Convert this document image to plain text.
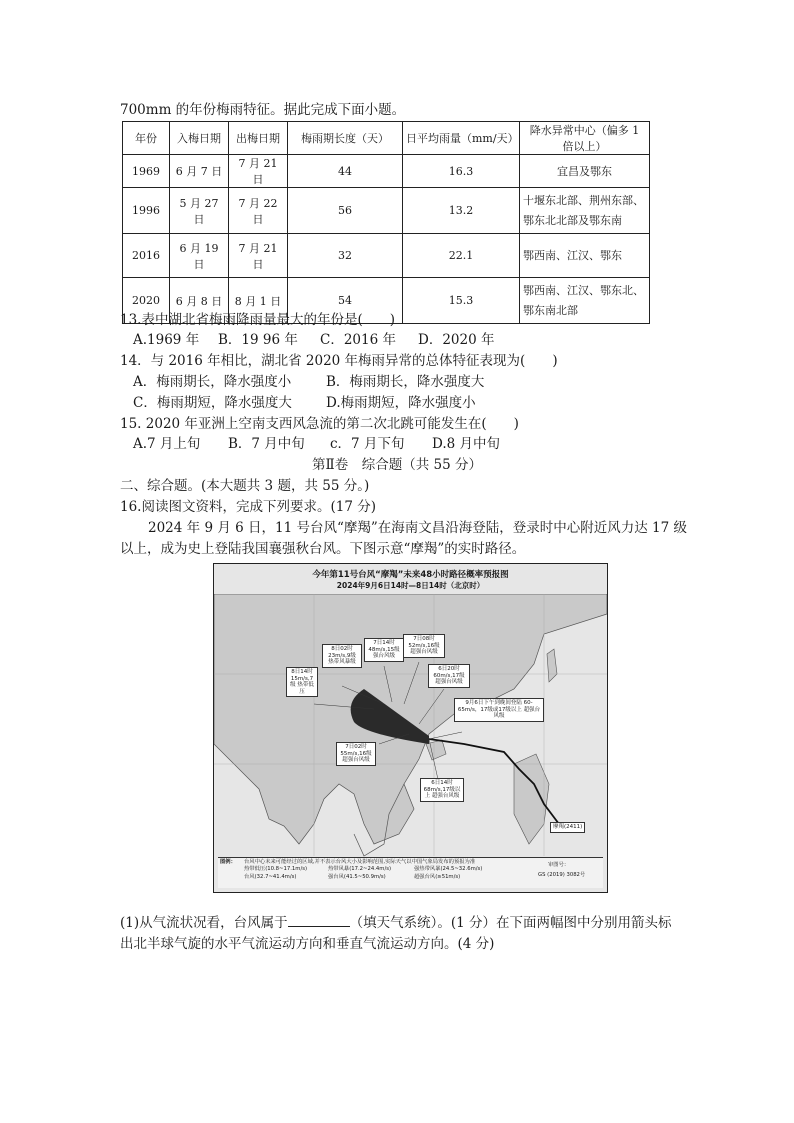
700mm 的年份梅雨特征。据此完成下面小题。
年份	入梅日期	出梅日期	梅雨期长度（天）	日平均雨量（mm/天）	降水异常中心（偏多 1 倍以上）
1969	6 月 7 日	7 月 21 日	44	16.3	宜昌及鄂东
1996	5 月 27 日	7 月 22 日	56	13.2	十堰东北部、荆州东部、鄂东北北部及鄂东南
2016	6 月 19 日	7 月 21 日	32	22.1	鄂西南、江汉、鄂东
2020	6 月 8 日	8 月 1 日	54	15.3	鄂西南、江汉、鄂东北、鄂东南北部
13.表中湖北省梅雨降雨量最大的年份是(　　)
A.1969 年 B．19 96 年 C．2016 年 D．2020 年
14．与 2016 年相比，湖北省 2020 年梅雨异常的总体特征表现为(　　)
A．梅雨期长，降水强度小	B．梅雨期长，降水强度大
C．梅雨期短，降水强度大	D.梅雨期短，降水强度小
15. 2020 年亚洲上空南支西风急流的第二次北跳可能发生在(　　)
A.7 月上旬 B．7 月中旬 c．7 月下旬 D.8 月中旬
第Ⅱ卷　综合题（共 55 分）
二、综合题。(本大题共 3 题，共 55 分。)
16.阅读图文资料，完成下列要求。(17 分)
2024 年 9 月 6 日，11 号台风“摩羯”在海南文昌沿海登陆，登录时中心附近风力达 17 级
以上，成为史上登陆我国襄强秋台风。下图示意“摩羯”的实时路径。
今年第11号台风“摩羯”未来48小时路径概率预报图
2024年9月6日14时—8日14时（北京时）
8日02时 23m/s,9级 热带风暴级
7日14时 48m/s,15级 强台风级
7日08时 52m/s,16级 超强台风级
8日14时 15m/s,7级 热带低压
6日20时 60m/s,17级 超强台风级
9月6日下午到晚间登陆 60-65m/s，17级或17级以上 超强台风级
7日02时 55m/s,16级 超强台风级
6日14时 68m/s,17级以上 超强台风级
摩羯(2411)
图例： 台风中心未来可能经过的区域,并不表示台风大小及影响范围,实际天气以中国气象局发布的预报为准
热带低压(10.8~17.1m/s)	热带风暴(17.2~24.4m/s)	强热带风暴(24.5~32.6m/s)
台风(32.7~41.4m/s)	强台风(41.5~50.9m/s)	超强台风(≥51m/s)
审图号：
GS (2019) 3082号
(1)从气流状况看，台风属于	（填天气系统）。(1 分）在下面两幅图中分别用箭头标
出北半球气旋的水平气流运动方向和垂直气流运动方向。(4 分)
